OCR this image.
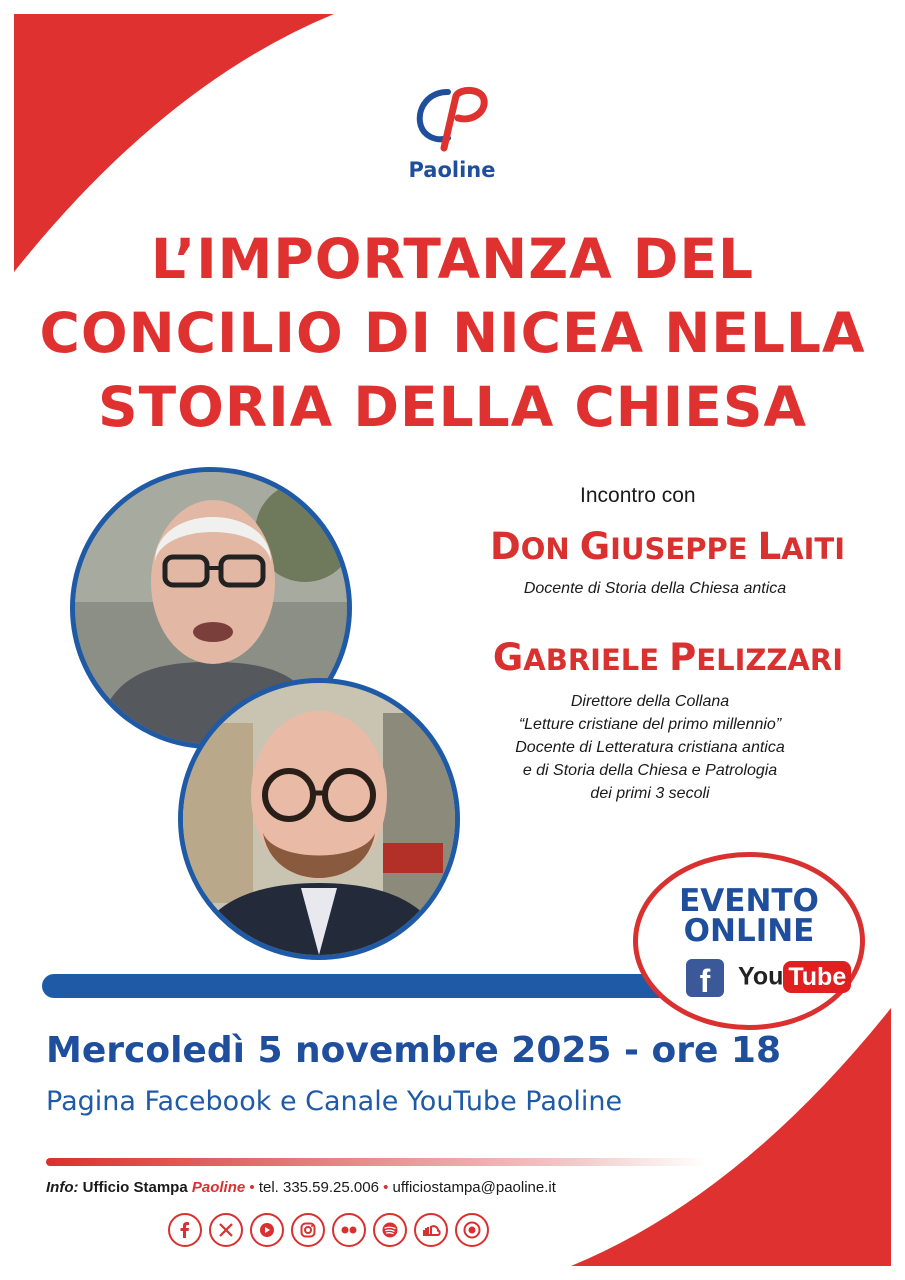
Paoline
L’IMPORTANZA DEL
CONCILIO DI NICEA NELLA
STORIA DELLA CHIESA
Incontro con
DON GIUSEPPE LAITI
Docente di Storia della Chiesa antica
GABRIELE PELIZZARI
Direttore della Collana
“Letture cristiane del primo millennio”
Docente di Letteratura cristiana antica
e di Storia della Chiesa e Patrologia
dei primi 3 secoli
EVENTO
ONLINE
f	You Tube
Mercoledì 5 novembre 2025 - ore 18
Pagina Facebook e Canale YouTube Paoline
Info: Ufficio Stampa Paoline • tel. 335.59.25.006 • ufficiostampa@paoline.it
